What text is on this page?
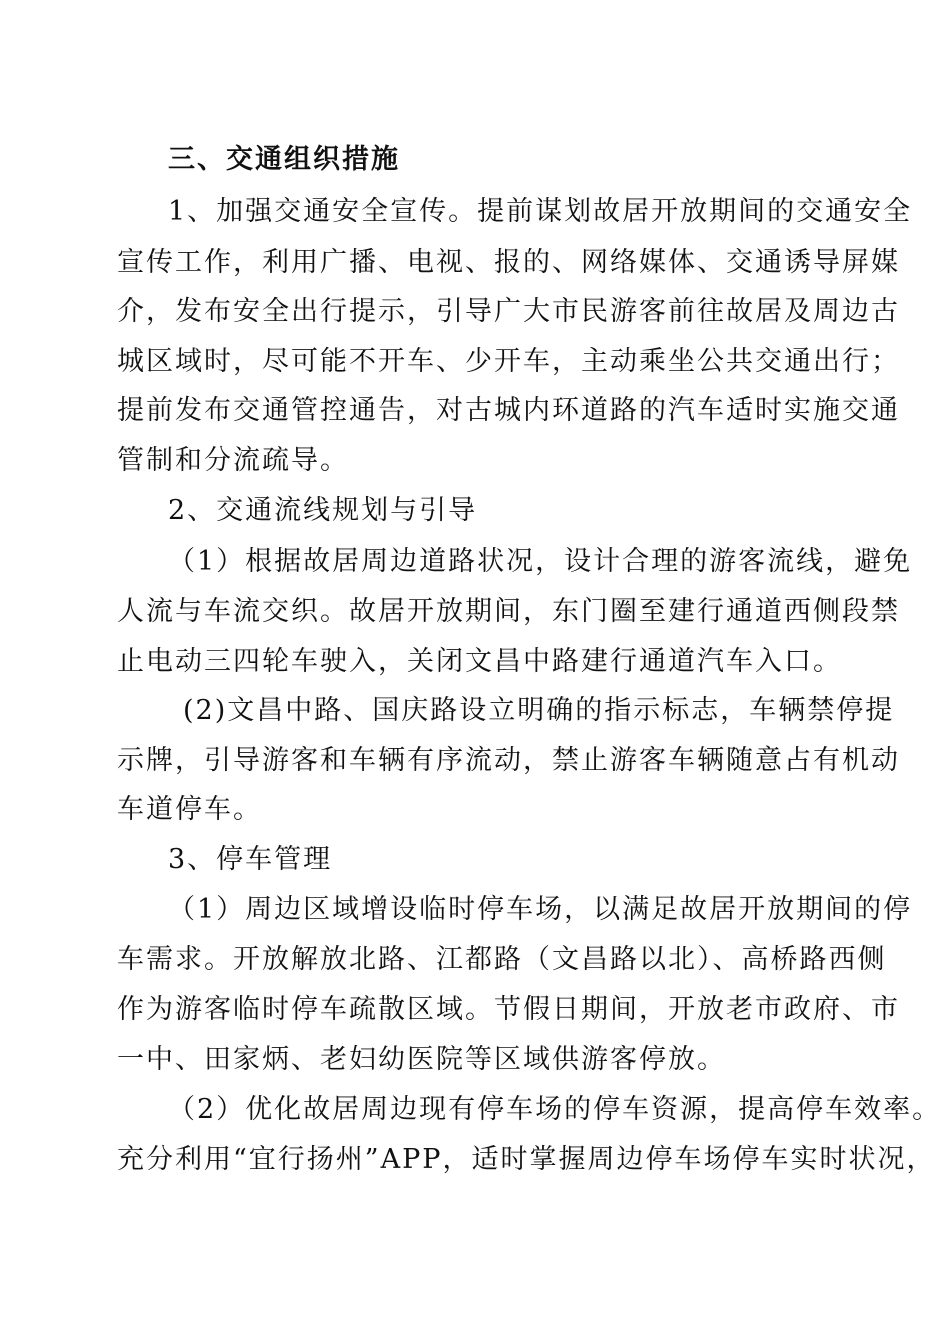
三、交通组织措施
1、加强交通安全宣传。提前谋划故居开放期间的交通安全
宣传工作，利用广播、电视、报的、网络媒体、交通诱导屏媒
介，发布安全出行提示，引导广大市民游客前往故居及周边古
城区域时，尽可能不开车、少开车，主动乘坐公共交通出行；
提前发布交通管控通告，对古城内环道路的汽车适时实施交通
管制和分流疏导。
2、交通流线规划与引导
（1）根据故居周边道路状况，设计合理的游客流线，避免
人流与车流交织。故居开放期间，东门圈至建行通道西侧段禁
止电动三四轮车驶入，关闭文昌中路建行通道汽车入口。
(2)文昌中路、国庆路设立明确的指示标志，车辆禁停提
示牌，引导游客和车辆有序流动，禁止游客车辆随意占有机动
车道停车。
3、停车管理
（1）周边区域增设临时停车场，以满足故居开放期间的停
车需求。开放解放北路、江都路（文昌路以北）、高桥路西侧
作为游客临时停车疏散区域。节假日期间，开放老市政府、市
一中、田家炳、老妇幼医院等区域供游客停放。
（2）优化故居周边现有停车场的停车资源，提高停车效率。
充分利用“宜行扬州”APP，适时掌握周边停车场停车实时状况，
